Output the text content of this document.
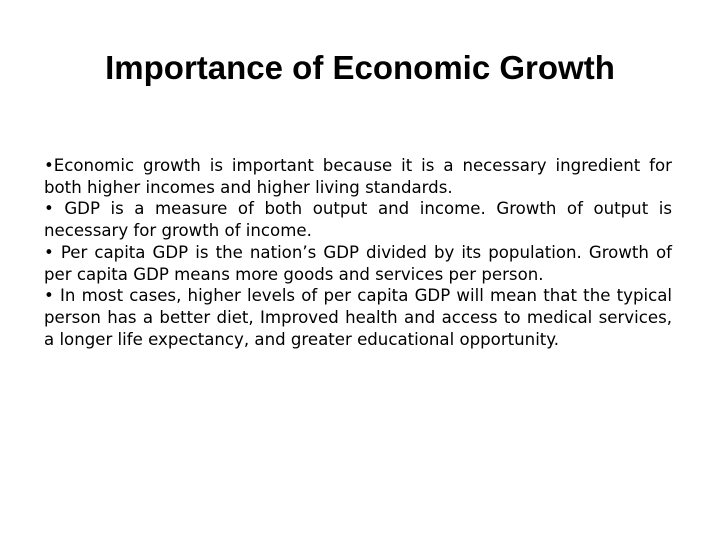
Importance of Economic Growth

•Economic growth is important because it is a necessary ingredient for both higher incomes and higher living standards.

• GDP is a measure of both output and income. Growth of output is necessary for growth of income.

• Per capita GDP is the nation’s GDP divided by its population. Growth of per capita GDP means more goods and services per person.

• In most cases, higher levels of per capita GDP will mean that the typical person has a better diet, Improved health and access to medical services, a longer life expectancy, and greater educational opportunity.
